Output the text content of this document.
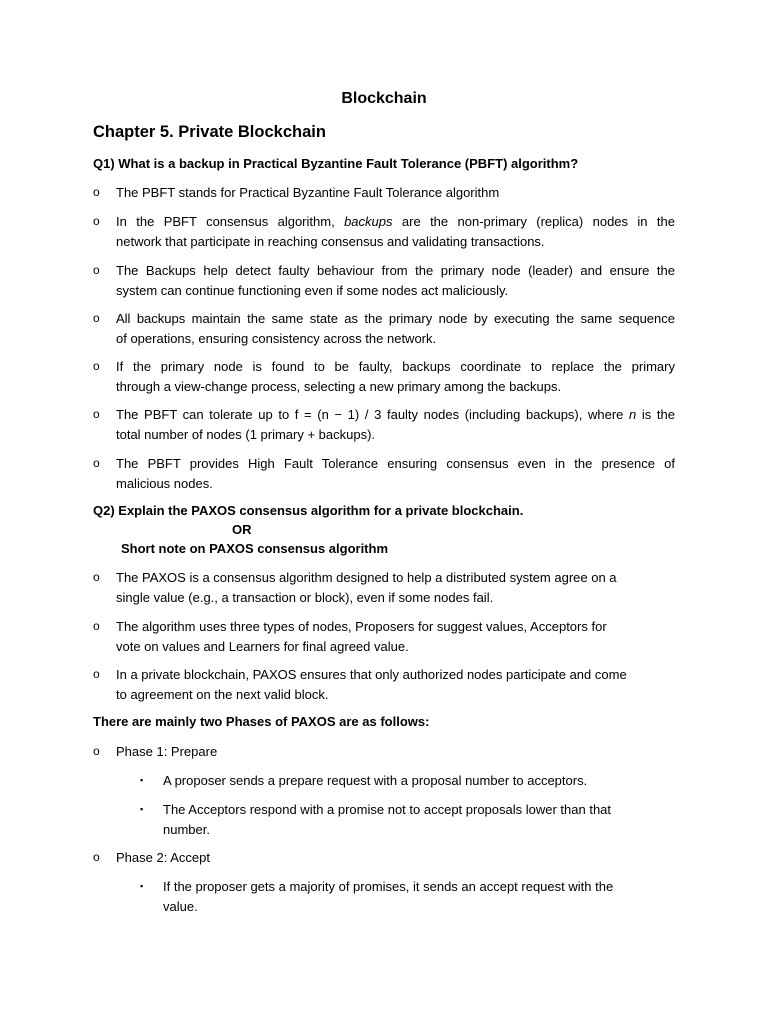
Blockchain
Chapter 5. Private Blockchain
Q1) What is a backup in Practical Byzantine Fault Tolerance (PBFT) algorithm?
o The PBFT stands for Practical Byzantine Fault Tolerance algorithm
o In the PBFT consensus algorithm, backups are the non-primary (replica) nodes in the
network that participate in reaching consensus and validating transactions.
o The Backups help detect faulty behaviour from the primary node (leader) and ensure the
system can continue functioning even if some nodes act maliciously.
o All backups maintain the same state as the primary node by executing the same sequence
of operations, ensuring consistency across the network.
o If the primary node is found to be faulty, backups coordinate to replace the primary
through a view-change process, selecting a new primary among the backups.
o The PBFT can tolerate up to f = (n − 1) / 3 faulty nodes (including backups), where n is the
total number of nodes (1 primary + backups).
o The PBFT provides High Fault Tolerance ensuring consensus even in the presence of
malicious nodes.
Q2) Explain the PAXOS consensus algorithm for a private blockchain.
OR
Short note on PAXOS consensus algorithm
o The PAXOS is a consensus algorithm designed to help a distributed system agree on a
single value (e.g., a transaction or block), even if some nodes fail.
o The algorithm uses three types of nodes, Proposers for suggest values, Acceptors for
vote on values and Learners for final agreed value.
o In a private blockchain, PAXOS ensures that only authorized nodes participate and come
to agreement on the next valid block.
There are mainly two Phases of PAXOS are as follows:
o Phase 1: Prepare
▪ A proposer sends a prepare request with a proposal number to acceptors.
▪ The Acceptors respond with a promise not to accept proposals lower than that
number.
o Phase 2: Accept
▪ If the proposer gets a majority of promises, it sends an accept request with the
value.
